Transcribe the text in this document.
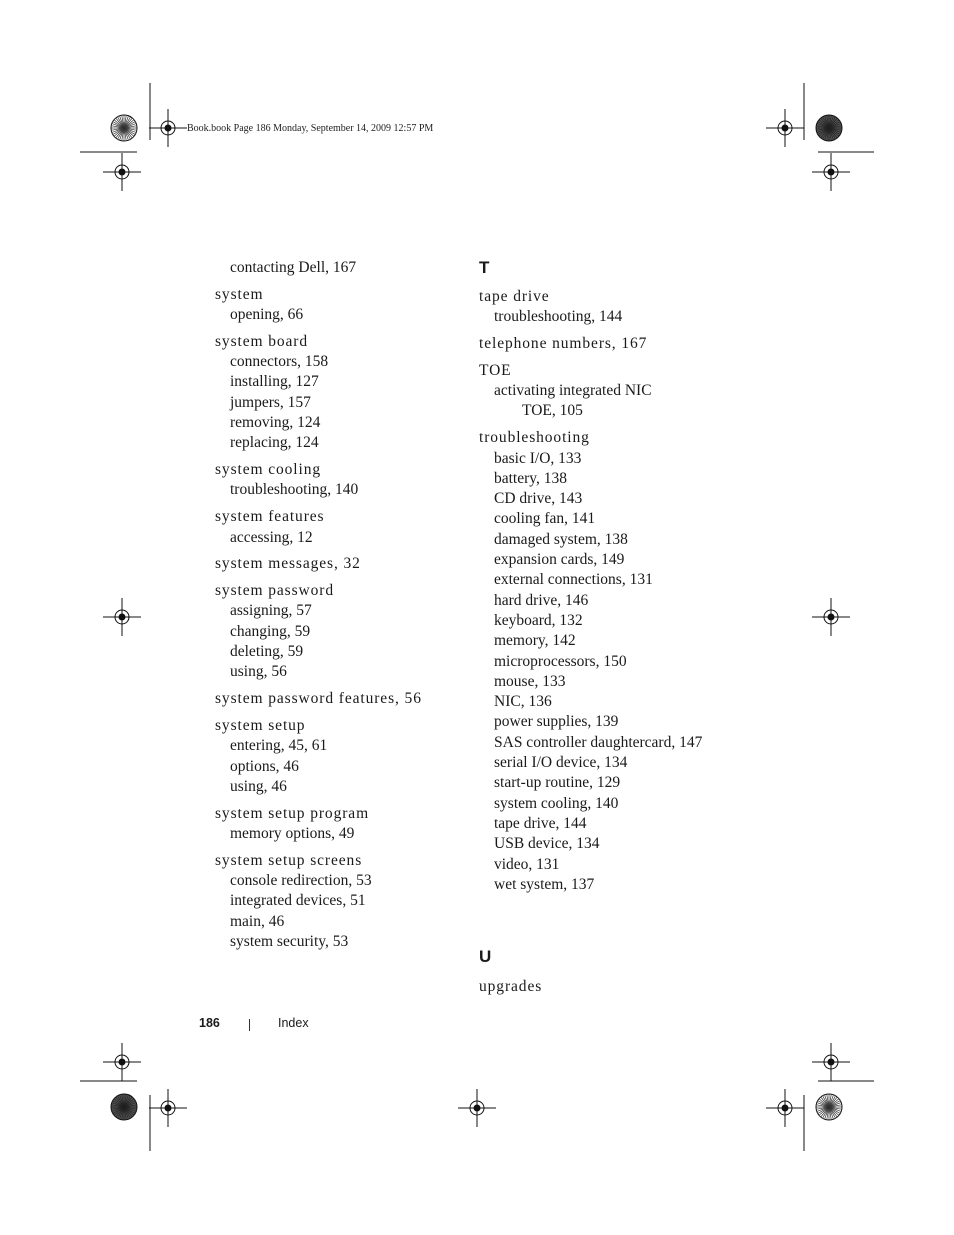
Book.book Page 186 Monday, September 14, 2009 12:57 PM
contacting Dell, 167
system
opening, 66
system board
connectors, 158
installing, 127
jumpers, 157
removing, 124
replacing, 124
system cooling
troubleshooting, 140
system features
accessing, 12
system messages, 32
system password
assigning, 57
changing, 59
deleting, 59
using, 56
system password features, 56
system setup
entering, 45, 61
options, 46
using, 46
system setup program
memory options, 49
system setup screens
console redirection, 53
integrated devices, 51
main, 46
system security, 53
T
tape drive
troubleshooting, 144
telephone numbers, 167
TOE
activating integrated NIC
TOE, 105
troubleshooting
basic I/O, 133
battery, 138
CD drive, 143
cooling fan, 141
damaged system, 138
expansion cards, 149
external connections, 131
hard drive, 146
keyboard, 132
memory, 142
microprocessors, 150
mouse, 133
NIC, 136
power supplies, 139
SAS controller daughtercard, 147
serial I/O device, 134
start-up routine, 129
system cooling, 140
tape drive, 144
USB device, 134
video, 131
wet system, 137
U
upgrades
186	Index
